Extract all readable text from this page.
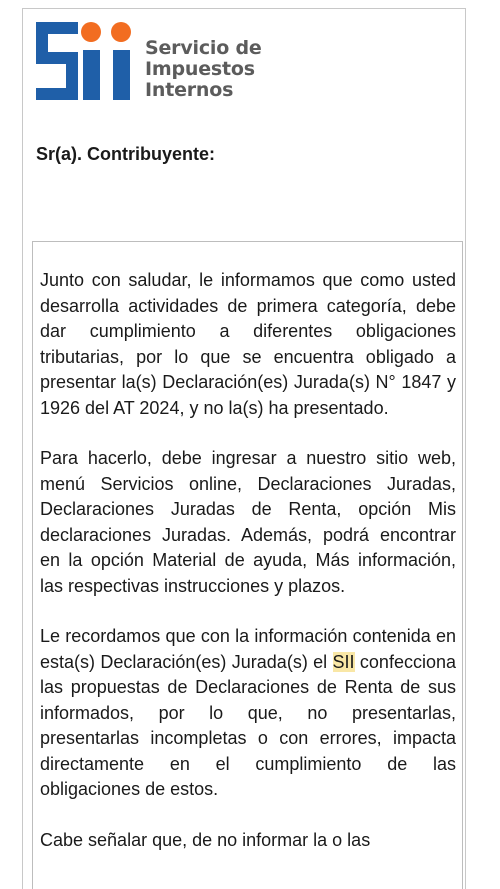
Servicio de
Impuestos
Internos
Sr(a). Contribuyente:

Junto con saludar, le informamos que como usted desarrolla actividades de primera categoría, debe dar cumplimiento a diferentes obligaciones tributarias, por lo que se encuentra obligado a presentar la(s) Declaración(es) Jurada(s) N° 1847 y 1926 del AT 2024, y no la(s) ha presentado.

Para hacerlo, debe ingresar a nuestro sitio web, menú Servicios online, Declaraciones Juradas, Declaraciones Juradas de Renta, opción Mis declaraciones Juradas. Además, podrá encontrar en la opción Material de ayuda, Más información, las respectivas instrucciones y plazos.

Le recordamos que con la información contenida en esta(s) Declaración(es) Jurada(s) el SII confecciona las propuestas de Declaraciones de Renta de sus informados, por lo que, no presentarlas, presentarlas incompletas o con errores, impacta directamente en el cumplimiento de las obligaciones de estos.

Cabe señalar que, de no informar la o las
